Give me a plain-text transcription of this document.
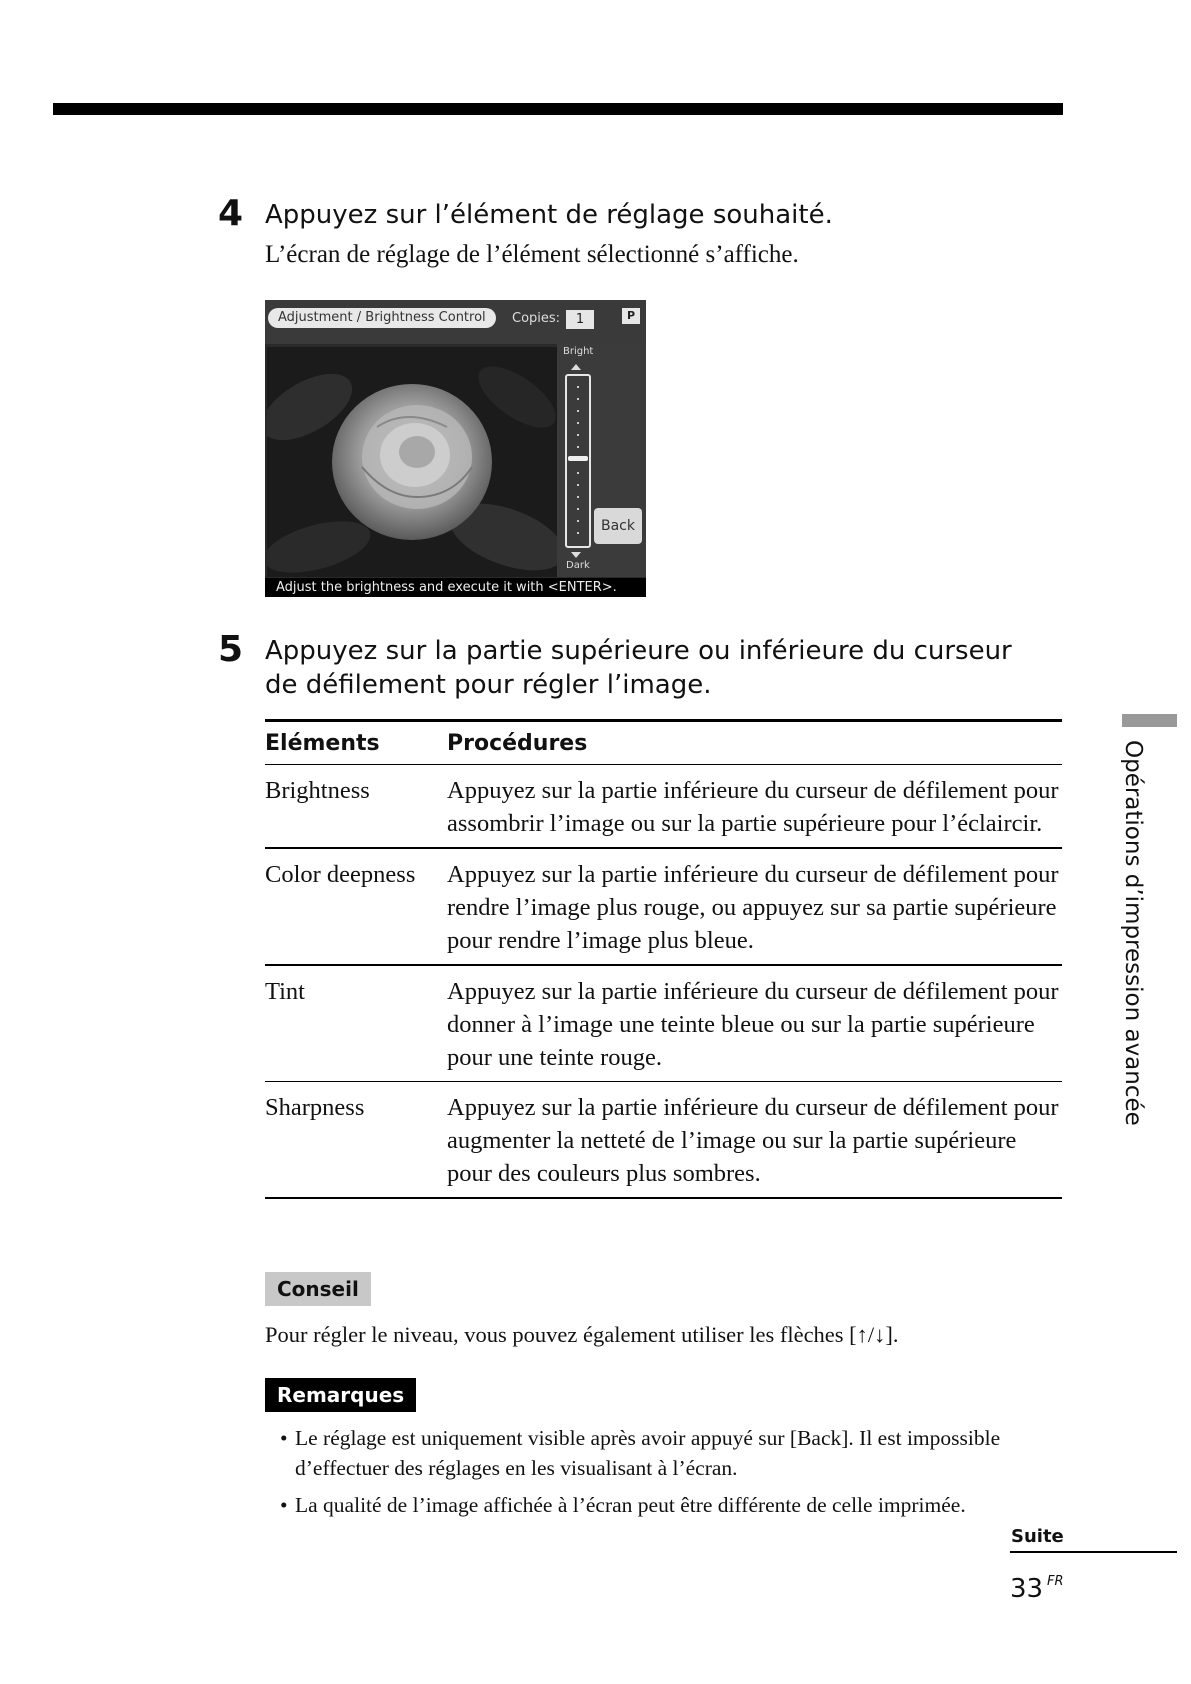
4 Appuyez sur l’élément de réglage souhaité.
L’écran de réglage de l’élément sélectionné s’affiche.
Adjustment / Brightness Control	Copies:	1	P
Bright
Dark
Back
Adjust the brightness and execute it with <ENTER>.
5 Appuyez sur la partie supérieure ou inférieure du curseur de défilement pour régler l’image.
Eléments	Procédures
Brightness	Appuyez sur la partie inférieure du curseur de défilement pour assombrir l’image ou sur la partie supérieure pour l’éclaircir.
Color deepness	Appuyez sur la partie inférieure du curseur de défilement pour rendre l’image plus rouge, ou appuyez sur sa partie supérieure pour rendre l’image plus bleue.
Tint	Appuyez sur la partie inférieure du curseur de défilement pour donner à l’image une teinte bleue ou sur la partie supérieure pour une teinte rouge.
Sharpness	Appuyez sur la partie inférieure du curseur de défilement pour augmenter la netteté de l’image ou sur la partie supérieure pour des couleurs plus sombres.
Opérations d’impression avancée
Conseil
Pour régler le niveau, vous pouvez également utiliser les flèches [↑/↓].
Remarques
• Le réglage est uniquement visible après avoir appuyé sur [Back]. Il est impossible d’effectuer des réglages en les visualisant à l’écran.
• La qualité de l’image affichée à l’écran peut être différente de celle imprimée.
Suite
33 FR
